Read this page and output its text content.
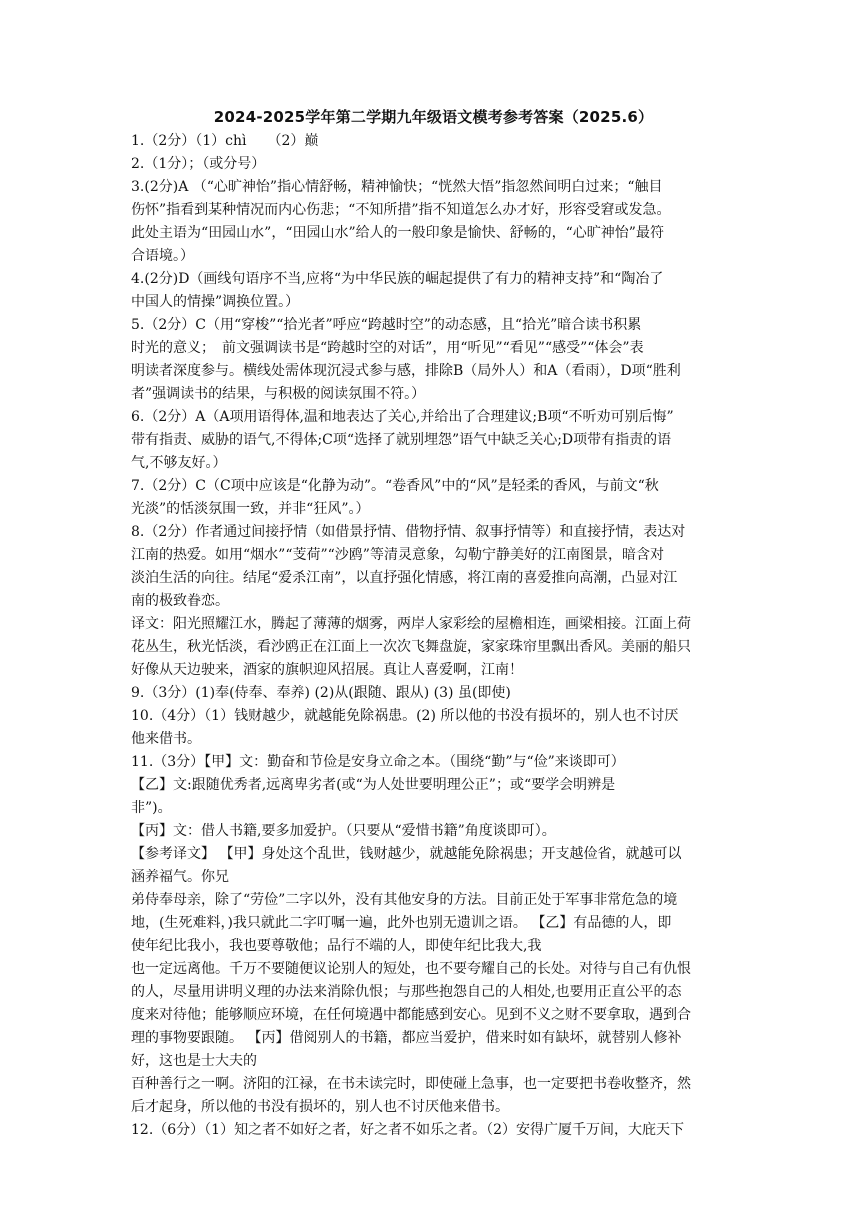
2024-2025学年第二学期九年级语文模考参考答案（2025.6）
1.（2分）（1）chì　　（2）巅
2.（1分）；（或分号）
3.(2分)A （“心旷神怡”指心情舒畅，精神愉快；“恍然大悟”指忽然间明白过来；“触目
伤怀”指看到某种情况而内心伤悲；“不知所措”指不知道怎么办才好，形容受窘或发急。
此处主语为“田园山水”，“田园山水”给人的一般印象是愉快、舒畅的，“心旷神怡”最符
合语境。）
4.(2分)D（画线句语序不当,应将“为中华民族的崛起提供了有力的精神支持”和“陶冶了
中国人的情操”调换位置。）
5.（2分）C（用“穿梭”“拾光者”呼应“跨越时空”的动态感，且“拾光”暗合读书积累
时光的意义；　前文强调读书是“跨越时空的对话”，用“听见”“看见”“感受”“体会”表
明读者深度参与。横线处需体现沉浸式参与感，排除B（局外人）和A（看雨），D项“胜利
者”强调读书的结果，与积极的阅读氛围不符。）
6.（2分）A（A项用语得体,温和地表达了关心,并给出了合理建议;B项“不听劝可别后悔”
带有指责、威胁的语气,不得体;C项“选择了就别埋怨”语气中缺乏关心;D项带有指责的语
气,不够友好。）
7.（2分）C（C项中应该是“化静为动”。“卷香风”中的“风”是轻柔的香风，与前文“秋
光淡”的恬淡氛围一致，并非“狂风”。）
8.（2分）作者通过间接抒情（如借景抒情、借物抒情、叙事抒情等）和直接抒情，表达对
江南的热爱。如用“烟水”“芰荷”“沙鸥”等清灵意象，勾勒宁静美好的江南图景，暗含对
淡泊生活的向往。结尾“爱杀江南”，以直抒强化情感，将江南的喜爱推向高潮，凸显对江
南的极致眷恋。
译文：阳光照耀江水，腾起了薄薄的烟雾，两岸人家彩绘的屋檐相连，画梁相接。江面上荷
花丛生，秋光恬淡，看沙鸥正在江面上一次次飞舞盘旋，家家珠帘里飘出香风。美丽的船只
好像从天边驶来，酒家的旗帜迎风招展。真让人喜爱啊，江南！
9.（3分）(1)奉(侍奉、奉养) (2)从(跟随、跟从) (3) 虽(即使)
10.（4分）（1）钱财越少，就越能免除祸患。(2) 所以他的书没有损坏的，别人也不讨厌
他来借书。
11.（3分）【甲】文：勤奋和节俭是安身立命之本。（围绕“勤”与“俭”来谈即可）
【乙】文:跟随优秀者,远离卑劣者(或“为人处世要明理公正”；或“要学会明辨是
非”)。
【丙】文：借人书籍,要多加爱护。（只要从“爱惜书籍”角度谈即可）。
【参考译文】 【甲】身处这个乱世，钱财越少，就越能免除祸患；开支越俭省，就越可以
涵养福气。你兄
弟侍奉母亲，除了“劳俭”二字以外，没有其他安身的方法。目前正处于军事非常危急的境
地，(生死难料，)我只就此二字叮嘱一遍，此外也别无遗训之语。 【乙】有品德的人，即
使年纪比我小，我也要尊敬他；品行不端的人，即使年纪比我大,我
也一定远离他。千万不要随便议论别人的短处，也不要夸耀自己的长处。对待与自己有仇恨
的人，尽量用讲明义理的办法来消除仇恨；与那些抱怨自己的人相处,也要用正直公平的态
度来对待他；能够顺应环境，在任何境遇中都能感到安心。见到不义之财不要拿取，遇到合
理的事物要跟随。 【丙】借阅别人的书籍，都应当爱护，借来时如有缺坏，就替别人修补
好，这也是士大夫的
百种善行之一啊。济阳的江禄，在书未读完时，即使碰上急事，也一定要把书卷收整齐，然
后才起身，所以他的书没有损坏的，别人也不讨厌他来借书。
12.（6分）（1）知之者不如好之者，好之者不如乐之者。（2）安得广厦千万间，大庇天下
